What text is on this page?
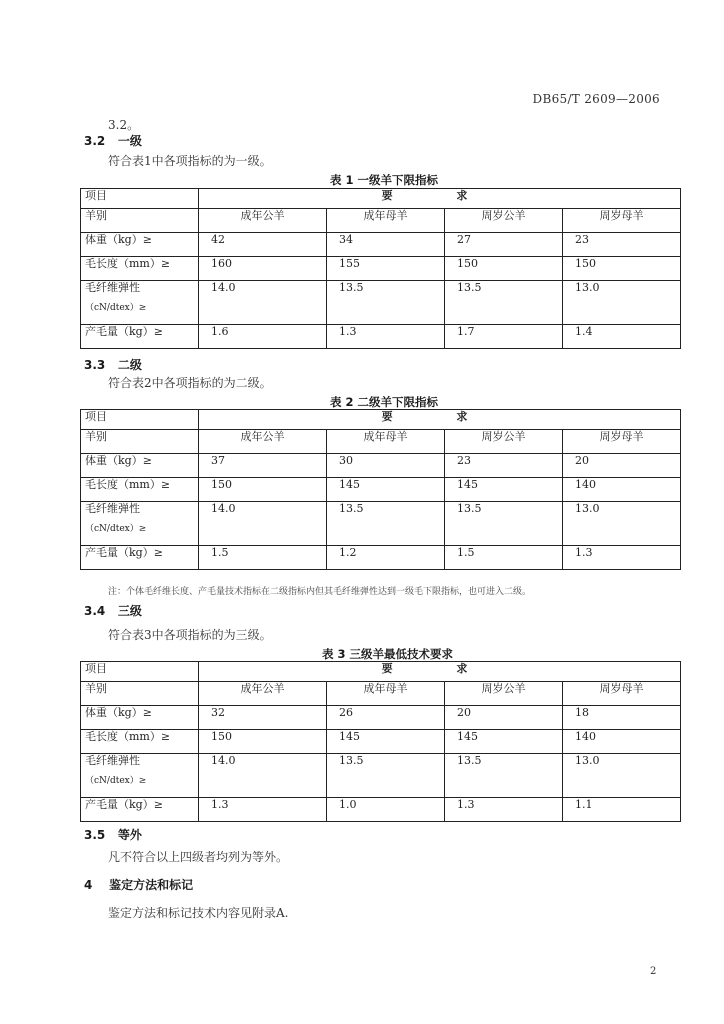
DB65/T 2609—2006
3.2。
3.2 一级
符合表1中各项指标的为一级。
表 1 一级羊下限指标
项目	要 求			
羊别	成年公羊	成年母羊	周岁公羊	周岁母羊
体重（kg）≥	42	34	27	23
毛长度（mm）≥	160	155	150	150

毛纤维弹性
（cN/dtex）≥	14.0	13.5	13.5	13.0
产毛量（kg）≥	1.6	1.3	1.7	1.4
3.3 二级
符合表2中各项指标的为二级。
表 2 二级羊下限指标
项目	要 求			
羊别	成年公羊	成年母羊	周岁公羊	周岁母羊
体重（kg）≥	37	30	23	20
毛长度（mm）≥	150	145	145	140

毛纤维弹性
（cN/dtex）≥	14.0	13.5	13.5	13.0
产毛量（kg）≥	1.5	1.2	1.5	1.3
注：个体毛纤维长度、产毛量技术指标在二级指标内但其毛纤维弹性达到一级毛下限指标，也可进入二级。
3.4 三级
符合表3中各项指标的为三级。
表 3 三级羊最低技术要求
项目	要 求			
羊别	成年公羊	成年母羊	周岁公羊	周岁母羊
体重（kg）≥	32	26	20	18
毛长度（mm）≥	150	145	145	140

毛纤维弹性
（cN/dtex）≥	14.0	13.5	13.5	13.0
产毛量（kg）≥	1.3	1.0	1.3	1.1
3.5 等外
凡不符合以上四级者均列为等外。
4 鉴定方法和标记
鉴定方法和标记技术内容见附录A.
2
